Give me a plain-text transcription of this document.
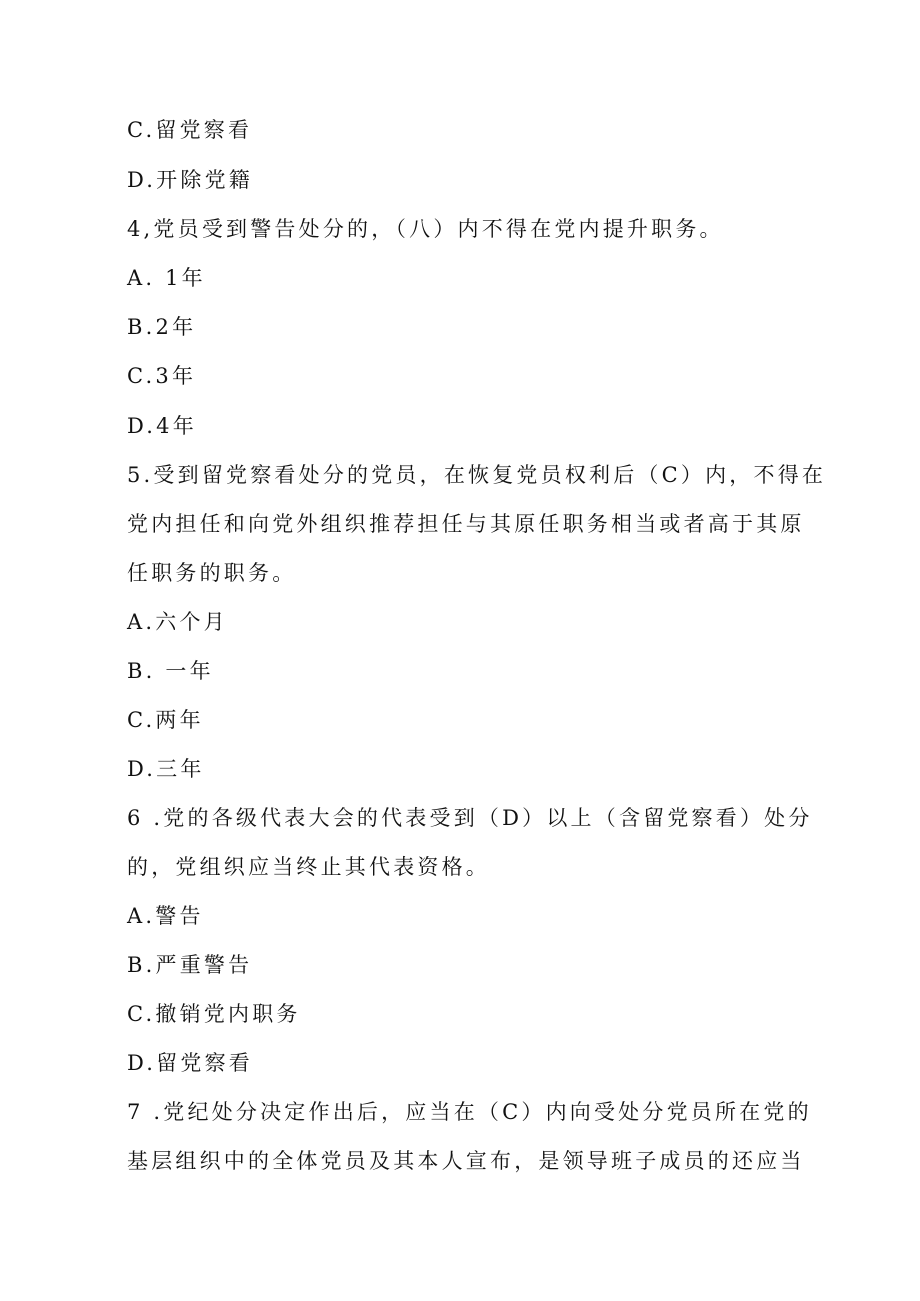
C.留党察看
D.开除党籍
4,党员受到警告处分的，（八）内不得在党内提升职务。
A. 1年
B.2年
C.3年
D.4年
5.受到留党察看处分的党员，在恢复党员权利后（C）内，不得在
党内担任和向党外组织推荐担任与其原任职务相当或者高于其原
任职务的职务。
A.六个月
B. 一年
C.两年
D.三年
6 .党的各级代表大会的代表受到（D）以上（含留党察看）处分
的，党组织应当终止其代表资格。
A.警告
B.严重警告
C.撤销党内职务
D.留党察看
7 .党纪处分决定作出后，应当在（C）内向受处分党员所在党的
基层组织中的全体党员及其本人宣布，是领导班子成员的还应当
